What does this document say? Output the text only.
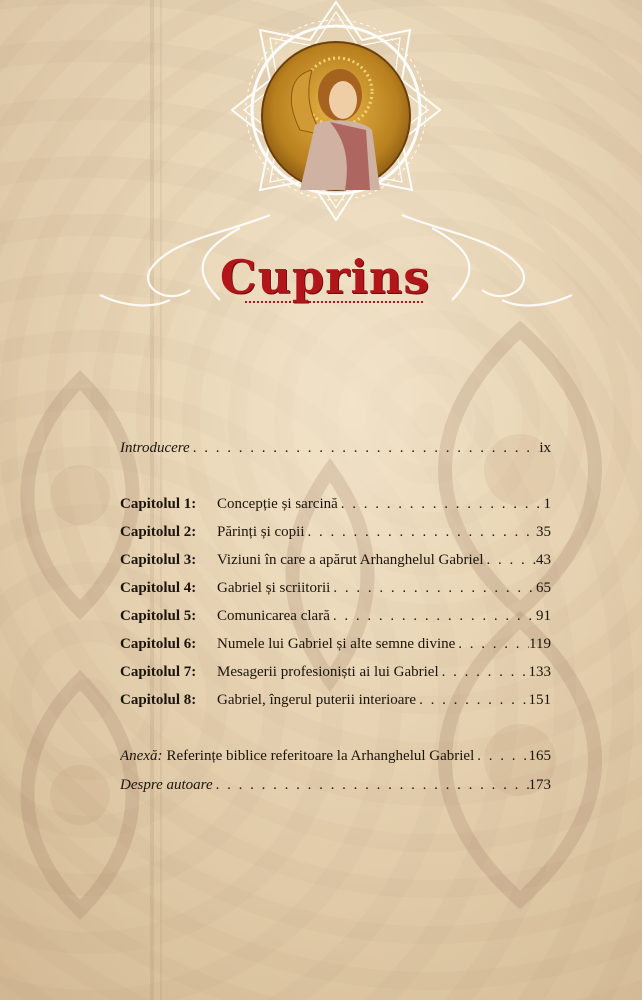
Cuprins
Introducere . . .	ix
Capitolul 1:	Concepție și sarcină . . .	1
Capitolul 2:	Părinți și copii . . .	35
Capitolul 3:	Viziuni în care a apărut Arhanghelul Gabriel . . .	43
Capitolul 4:	Gabriel și scriitorii . . .	65
Capitolul 5:	Comunicarea clară . . .	91
Capitolul 6:	Numele lui Gabriel și alte semne divine . . .	119
Capitolul 7:	Mesagerii profesioniști ai lui Gabriel . . .	133
Capitolul 8:	Gabriel, îngerul puterii interioare . . .	151
Anexă: Referințe biblice referitoare la Arhanghelul Gabriel . . .	165
Despre autoare . . .	173
